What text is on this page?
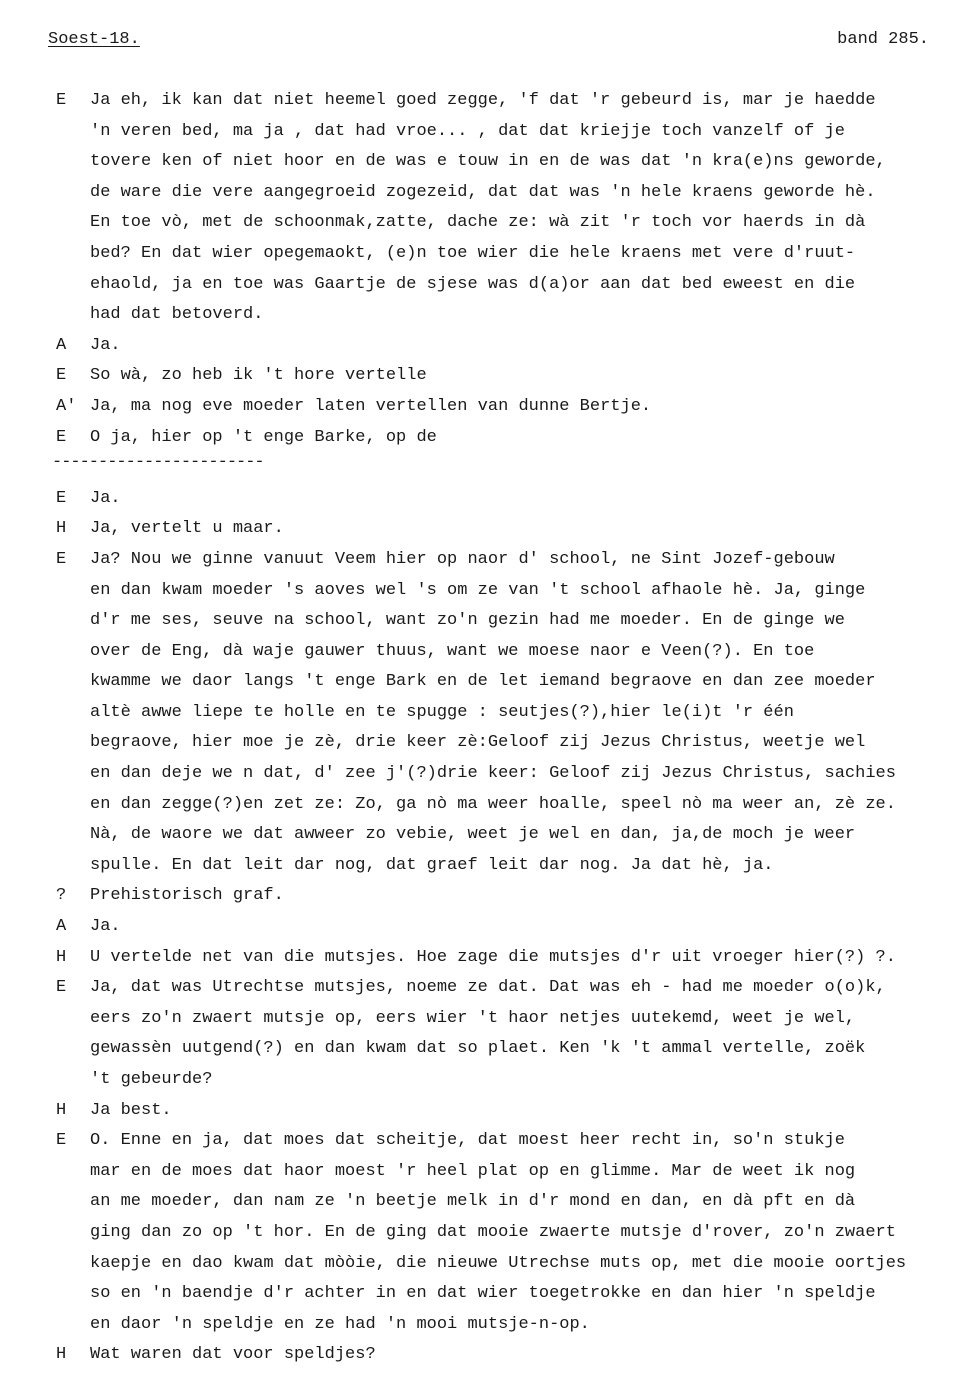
Soest-18.	band 285.
E	Ja eh, ik kan dat niet heemel goed zegge, 'f dat 'r gebeurd is, mar je haedde
'n veren bed, ma ja , dat had vroe... , dat dat kriejje toch vanzelf of je
tovere ken of niet hoor en de was e touw in en de was dat 'n kra(e)ns geworde,
de ware die vere aangegroeid zogezeid, dat dat was 'n hele kraens geworde hè.
En toe vò, met de schoonmak,zatte, dache ze: wà zit 'r toch vor haerds in dà
bed? En dat wier opegemaokt, (e)n toe wier die hele kraens met vere d'ruut-
ehaold, ja en toe was Gaartje de sjese was d(a)or aan dat bed eweest en die
had dat betoverd.
A	Ja.
E	So wà, zo heb ik 't hore vertelle
A' Ja, ma nog eve moeder laten vertellen van dunne Bertje.
E	O ja, hier op 't enge Barke, op de
-----------------------
E	Ja.
H	Ja, vertelt u maar.
E	Ja? Nou we ginne vanuut Veem hier op naor d' school, ne Sint Jozef-gebouw
en dan kwam moeder 's aoves wel 's om ze van 't school afhaole hè. Ja, ginge
d'r me ses, seuve na school, want zo'n gezin had me moeder. En de ginge we
over de Eng, dà waje gauwer thuus, want we moese naor e Veen(?). En toe
kwamme we daor langs 't enge Bark en de let iemand begraove en dan zee moeder
altè awwe liepe te holle en te spugge : seutjes(?),hier le(i)t 'r één
begraove, hier moe je zè, drie keer zè:Geloof zij Jezus Christus, weetje wel
en dan deje we n dat, d' zee j'(?)drie keer: Geloof zij Jezus Christus, sachies
en dan zegge(?)en zet ze: Zo, ga nò ma weer hoalle, speel nò ma weer an, zè ze.
Nà, de waore we dat awweer zo vebie, weet je wel en dan, ja,de moch je weer
spulle. En dat leit dar nog, dat graef leit dar nog. Ja dat hè, ja.
?	Prehistorisch graf.
A	Ja.
H	U vertelde net van die mutsjes. Hoe zage die mutsjes d'r uit vroeger hier(?) ?.
E	Ja, dat was Utrechtse mutsjes, noeme ze dat. Dat was eh - had me moeder o(o)k,
eers zo'n zwaert mutsje op, eers wier 't haor netjes uutekemd, weet je wel,
gewassèn uutgend(?) en dan kwam dat so plaet. Ken 'k 't ammal vertelle, zoëk
't gebeurde?
H	Ja best.
E	O. Enne en ja, dat moes dat scheitje, dat moest heer recht in, so'n stukje
mar en de moes dat haor moest 'r heel plat op en glimme. Mar de weet ik nog
an me moeder, dan nam ze 'n beetje melk in d'r mond en dan, en dà pft en dà
ging dan zo op 't hor. En de ging dat mooie zwaerte mutsje d'rover, zo'n zwaert
kaepje en dao kwam dat mòòie, die nieuwe Utrechse muts op, met die mooie oortjes
so en 'n baendje d'r achter in en dat wier toegetrokke en dan hier 'n speldje
en daor 'n speldje en ze had 'n mooi mutsje-n-op.
H	Wat waren dat voor speldjes?
